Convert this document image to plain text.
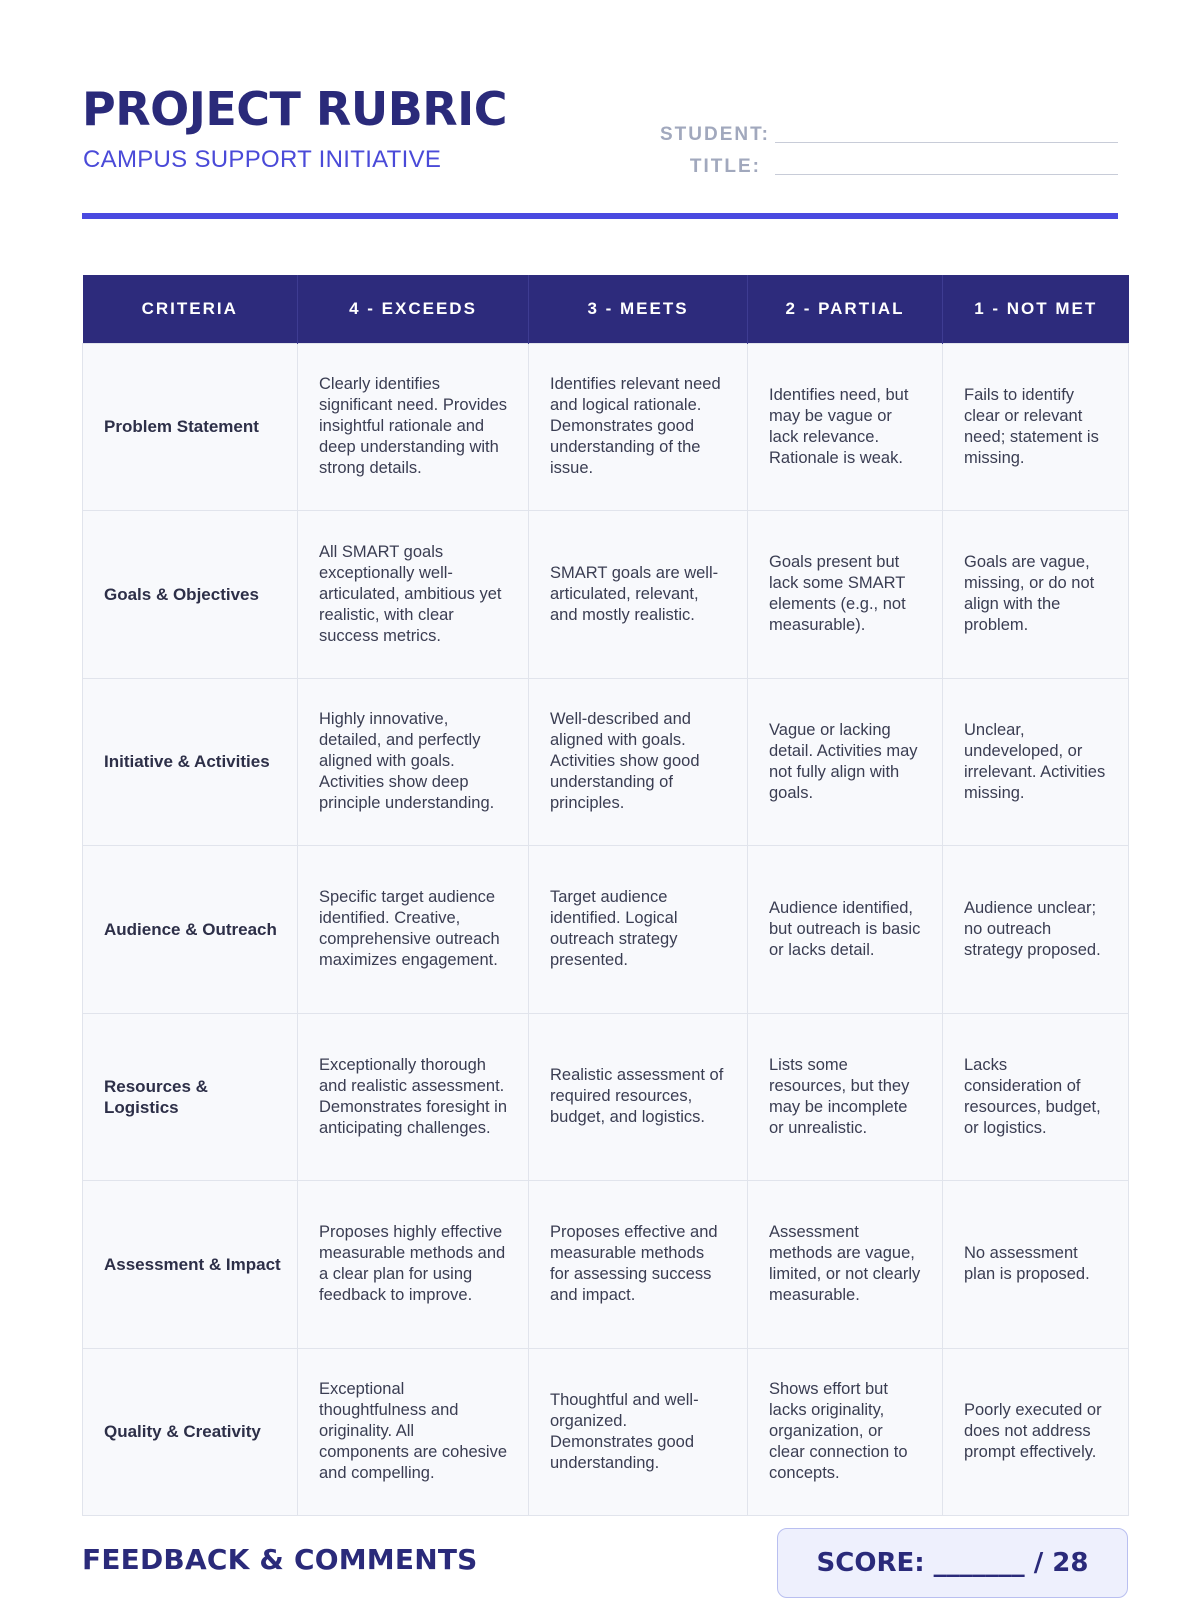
PROJECT RUBRIC
CAMPUS SUPPORT INITIATIVE
STUDENT:
TITLE:
CRITERIA	4 - EXCEEDS	3 - MEETS	2 - PARTIAL	1 - NOT MET
Problem Statement	Clearly identifies significant need. Provides insightful rationale and deep understanding with strong details.	Identifies relevant need and logical rationale. Demonstrates good understanding of the issue.	Identifies need, but may be vague or lack relevance. Rationale is weak.	Fails to identify clear or relevant need; statement is missing.
Goals & Objectives	All SMART goals exceptionally well-articulated, ambitious yet realistic, with clear success metrics.	SMART goals are well-articulated, relevant, and mostly realistic.	Goals present but lack some SMART elements (e.g., not measurable).	Goals are vague, missing, or do not align with the problem.
Initiative & Activities	Highly innovative, detailed, and perfectly aligned with goals. Activities show deep principle understanding.	Well-described and aligned with goals. Activities show good understanding of principles.	Vague or lacking detail. Activities may not fully align with goals.	Unclear, undeveloped, or irrelevant. Activities missing.
Audience & Outreach	Specific target audience identified. Creative, comprehensive outreach maximizes engagement.	Target audience identified. Logical outreach strategy presented.	Audience identified, but outreach is basic or lacks detail.	Audience unclear; no outreach strategy proposed.
Resources & Logistics	Exceptionally thorough and realistic assessment. Demonstrates foresight in anticipating challenges.	Realistic assessment of required resources, budget, and logistics.	Lists some resources, but they may be incomplete or unrealistic.	Lacks consideration of resources, budget, or logistics.
Assessment & Impact	Proposes highly effective measurable methods and a clear plan for using feedback to improve.	Proposes effective and measurable methods for assessing success and impact.	Assessment methods are vague, limited, or not clearly measurable.	No assessment plan is proposed.
Quality & Creativity	Exceptional thoughtfulness and originality. All components are cohesive and compelling.	Thoughtful and well-organized. Demonstrates good understanding.	Shows effort but lacks originality, organization, or clear connection to concepts.	Poorly executed or does not address prompt effectively.
FEEDBACK & COMMENTS	SCORE: _______ / 28
